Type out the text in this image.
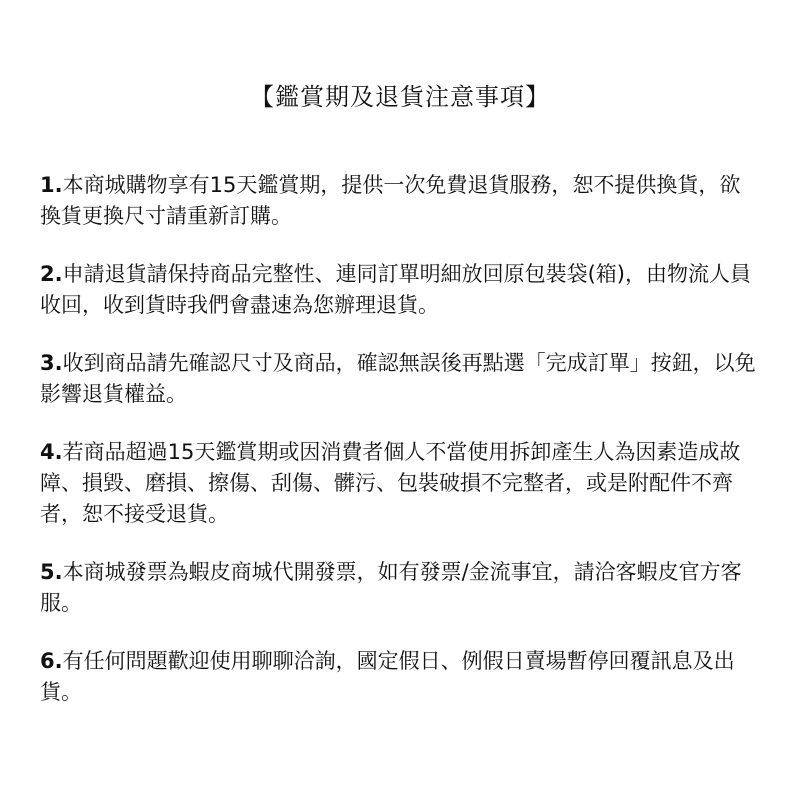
【鑑賞期及退貨注意事項】
1.本商城購物享有15天鑑賞期，提供一次免費退貨服務，恕不提供換貨，欲換貨更換尺寸請重新訂購。
2.申請退貨請保持商品完整性、連同訂單明細放回原包裝袋(箱)，由物流人員收回，收到貨時我們會盡速為您辦理退貨。
3.收到商品請先確認尺寸及商品，確認無誤後再點選「完成訂單」按鈕，以免影響退貨權益。
4.若商品超過15天鑑賞期或因消費者個人不當使用拆卸產生人為因素造成故障、損毀、磨損、擦傷、刮傷、髒污、包裝破損不完整者，或是附配件不齊者，恕不接受退貨。
5.本商城發票為蝦皮商城代開發票，如有發票/金流事宜，請洽客蝦皮官方客服。
6.有任何問題歡迎使用聊聊洽詢，國定假日、例假日賣場暫停回覆訊息及出貨。
